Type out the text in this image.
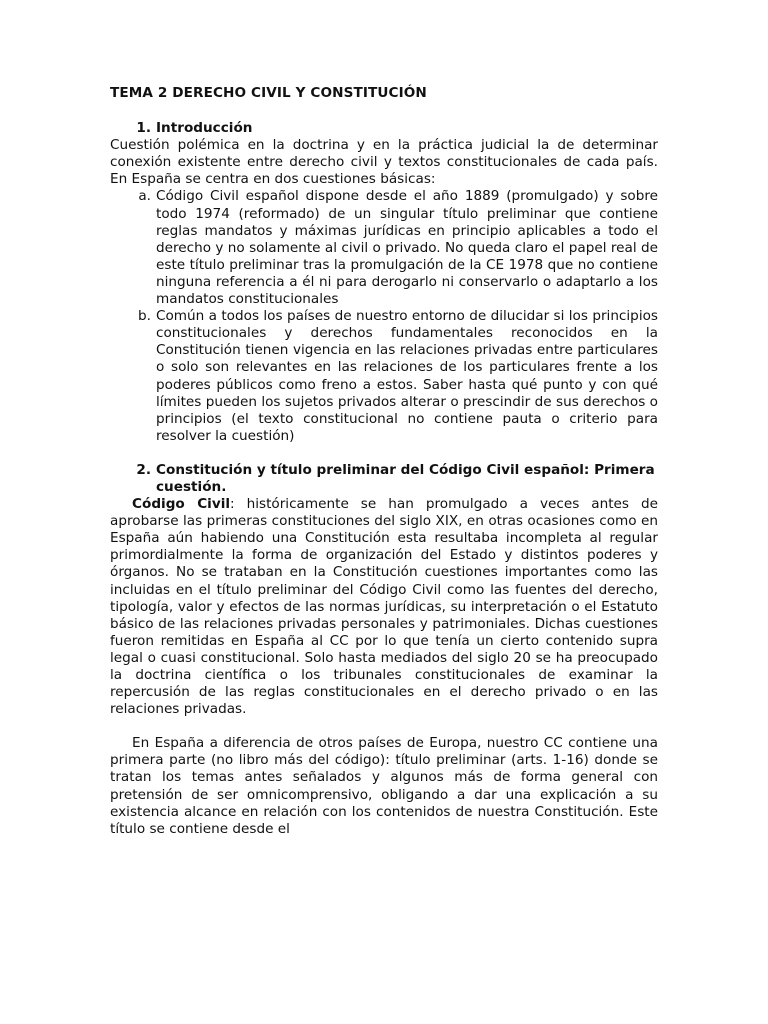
TEMA 2 DERECHO CIVIL Y CONSTITUCIÓN
1. Introducción

Cuestión polémica en la doctrina y en la práctica judicial la de determinar conexión existente entre derecho civil y textos constitucionales de cada país. En España se centra en dos cuestiones básicas:

a. Código Civil español dispone desde el año 1889 (promulgado) y sobre todo 1974 (reformado) de un singular título preliminar que contiene reglas mandatos y máximas jurídicas en principio aplicables a todo el derecho y no solamente al civil o privado. No queda claro el papel real de este título preliminar tras la promulgación de la CE 1978 que no contiene ninguna referencia a él ni para derogarlo ni conservarlo o adaptarlo a los mandatos constitucionales
b. Común a todos los países de nuestro entorno de dilucidar si los principios constitucionales y derechos fundamentales reconocidos en la Constitución tienen vigencia en las relaciones privadas entre particulares o solo son relevantes en las relaciones de los particulares frente a los poderes públicos como freno a estos. Saber hasta qué punto y con qué límites pueden los sujetos privados alterar o prescindir de sus derechos o principios (el texto constitucional no contiene pauta o criterio para resolver la cuestión)
2. Constitución y título preliminar del Código Civil español: Primera cuestión.

Código Civil: históricamente se han promulgado a veces antes de aprobarse las primeras constituciones del siglo XIX, en otras ocasiones como en España aún habiendo una Constitución esta resultaba incompleta al regular primordialmente la forma de organización del Estado y distintos poderes y órganos. No se trataban en la Constitución cuestiones importantes como las incluidas en el título preliminar del Código Civil como las fuentes del derecho, tipología, valor y efectos de las normas jurídicas, su interpretación o el Estatuto básico de las relaciones privadas personales y patrimoniales. Dichas cuestiones fueron remitidas en España al CC por lo que tenía un cierto contenido supra legal o cuasi constitucional. Solo hasta mediados del siglo 20 se ha preocupado la doctrina científica o los tribunales constitucionales de examinar la repercusión de las reglas constitucionales en el derecho privado o en las relaciones privadas.

En España a diferencia de otros países de Europa, nuestro CC contiene una primera parte (no libro más del código): título preliminar (arts. 1-16) donde se tratan los temas antes señalados y algunos más de forma general con pretensión de ser omnicomprensivo, obligando a dar una explicación a su existencia alcance en relación con los contenidos de nuestra Constitución. Este título se contiene desde el
